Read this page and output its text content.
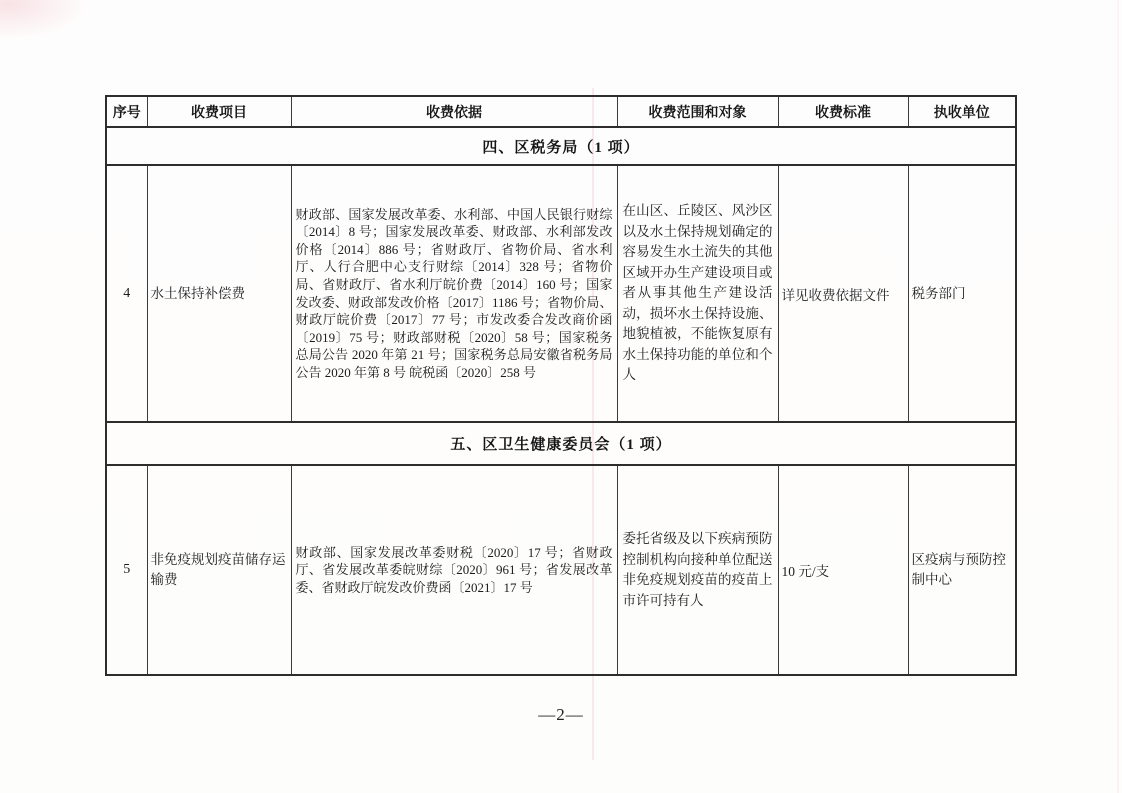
序号	收费项目	收费依据	收费范围和对象	收费标准	执收单位
四、区税务局（1 项）					
4	水土保持补偿费	财政部、国家发展改革委、水利部、中国人民银行财综〔2014〕8 号；国家发展改革委、财政部、水利部发改价格〔2014〕886 号；省财政厅、省物价局、省水利厅、人行合肥中心支行财综〔2014〕328 号；省物价局、省财政厅、省水利厅皖价费〔2014〕160 号；国家发改委、财政部发改价格〔2017〕1186 号；省物价局、财政厅皖价费〔2017〕77 号；市发改委合发改商价函〔2019〕75 号；财政部财税〔2020〕58 号；国家税务总局公告 2020 年第 21 号；国家税务总局安徽省税务局公告 2020 年第 8 号 皖税函〔2020〕258 号	在山区、丘陵区、风沙区以及水土保持规划确定的容易发生水土流失的其他区域开办生产建设项目或者从事其他生产建设活动，损坏水土保持设施、地貌植被，不能恢复原有水土保持功能的单位和个人	详见收费依据文件	税务部门
五、区卫生健康委员会（1 项）					
5	非免疫规划疫苗储存运输费	财政部、国家发展改革委财税〔2020〕17 号；省财政厅、省发展改革委皖财综〔2020〕961 号；省发展改革委、省财政厅皖发改价费函〔2021〕17 号	委托省级及以下疾病预防控制机构向接种单位配送非免疫规划疫苗的疫苗上市许可持有人	10 元/支	区疫病与预防控制中心
—2—
